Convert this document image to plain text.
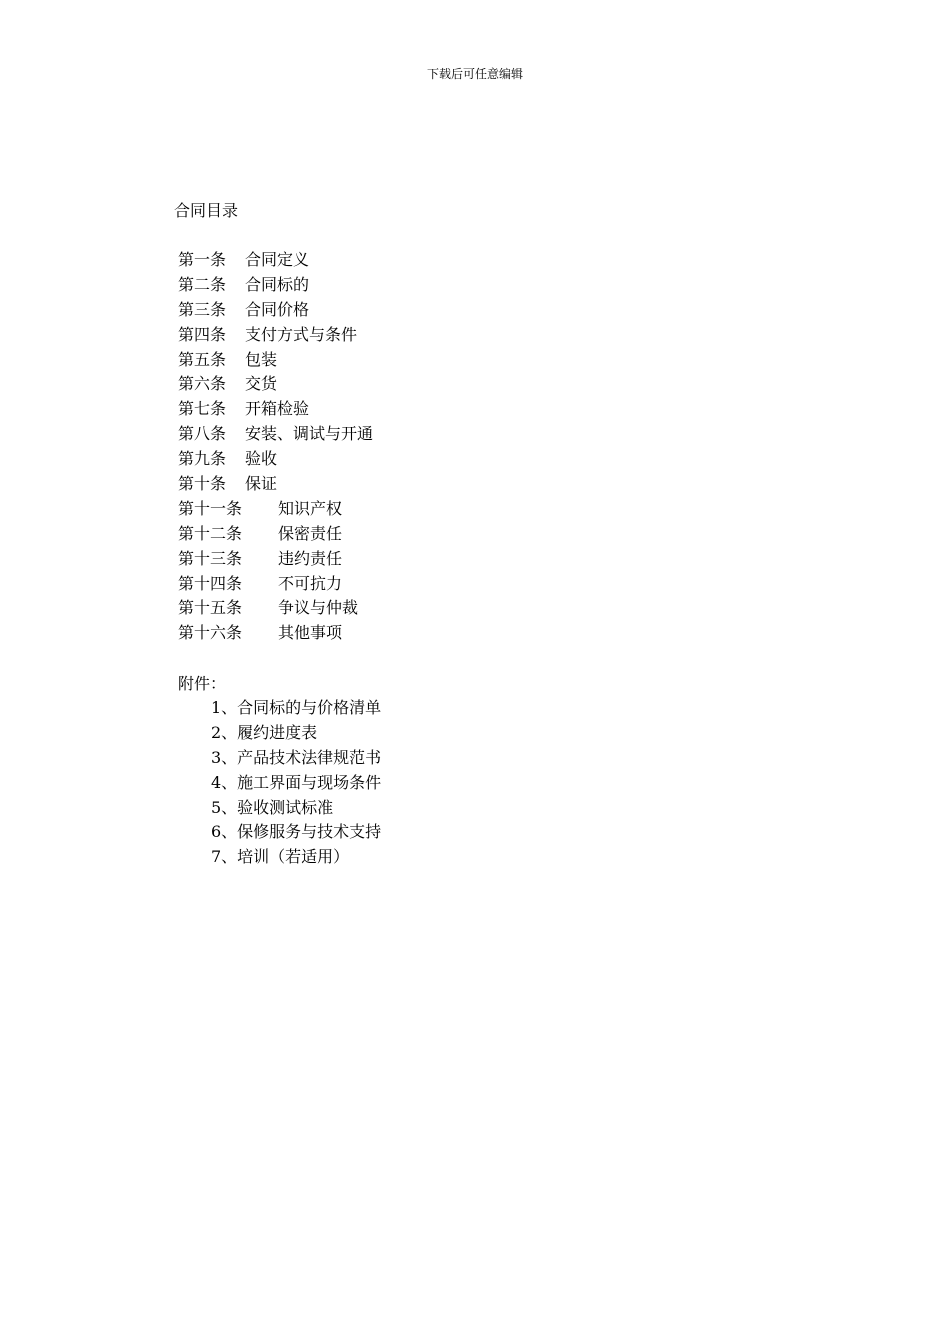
下载后可任意编辑
合同目录
第一条	合同定义
第二条	合同标的
第三条	合同价格
第四条	支付方式与条件
第五条	包装
第六条	交货
第七条	开箱检验
第八条	安装、调试与开通
第九条	验收
第十条	保证
第十一条	知识产权
第十二条	保密责任
第十三条	违约责任
第十四条	不可抗力
第十五条	争议与仲裁
第十六条	其他事项
附件：
1、合同标的与价格清单
2、履约进度表
3、产品技术法律规范书
4、施工界面与现场条件
5、验收测试标准
6、保修服务与技术支持
7、培训（若适用）
